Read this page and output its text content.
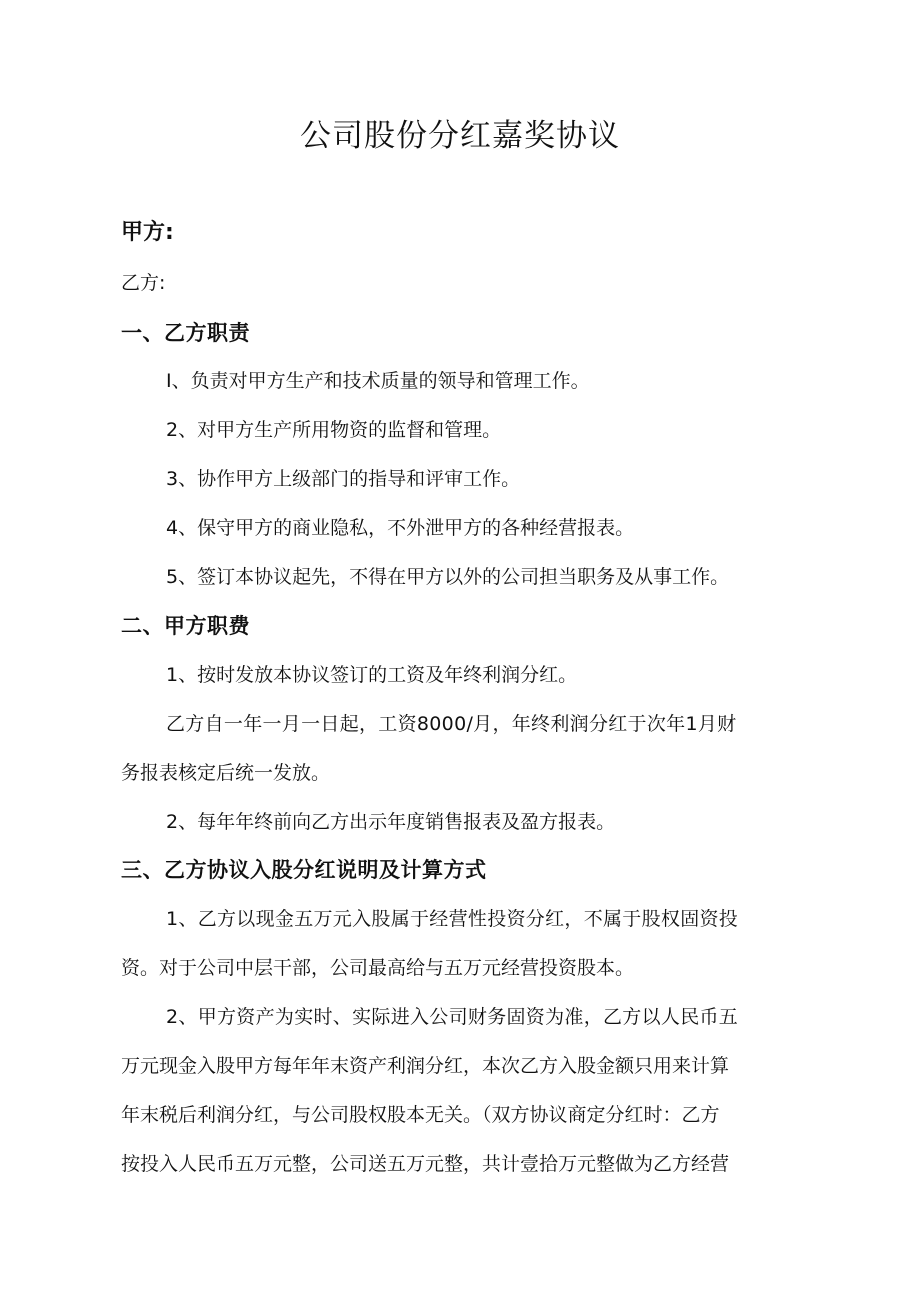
公司股份分红嘉奖协议
甲方:
乙方:
一、乙方职责
I、负责对甲方生产和技术质量的领导和管理工作。
2、对甲方生产所用物资的监督和管理。
3、协作甲方上级部门的指导和评审工作。
4、保守甲方的商业隐私，不外泄甲方的各种经营报表。
5、签订本协议起先，不得在甲方以外的公司担当职务及从事工作。
二、甲方职费
1、按时发放本协议签订的工资及年终利润分红。
乙方自一年一月一日起，工资8000/月，年终利润分红于次年1月财
务报表核定后统一发放。
2、每年年终前向乙方出示年度销售报表及盈方报表。
三、乙方协议入股分红说明及计算方式
1、乙方以现金五万元入股属于经营性投资分红，不属于股权固资投
资。对于公司中层干部，公司最高给与五万元经营投资股本。
2、甲方资产为实时、实际进入公司财务固资为准，乙方以人民币五
万元现金入股甲方每年年末资产利润分红，本次乙方入股金额只用来计算
年末税后利润分红，与公司股权股本无关。（双方协议商定分红时：乙方
按投入人民币五万元整，公司送五万元整，共计壹拾万元整做为乙方经营
